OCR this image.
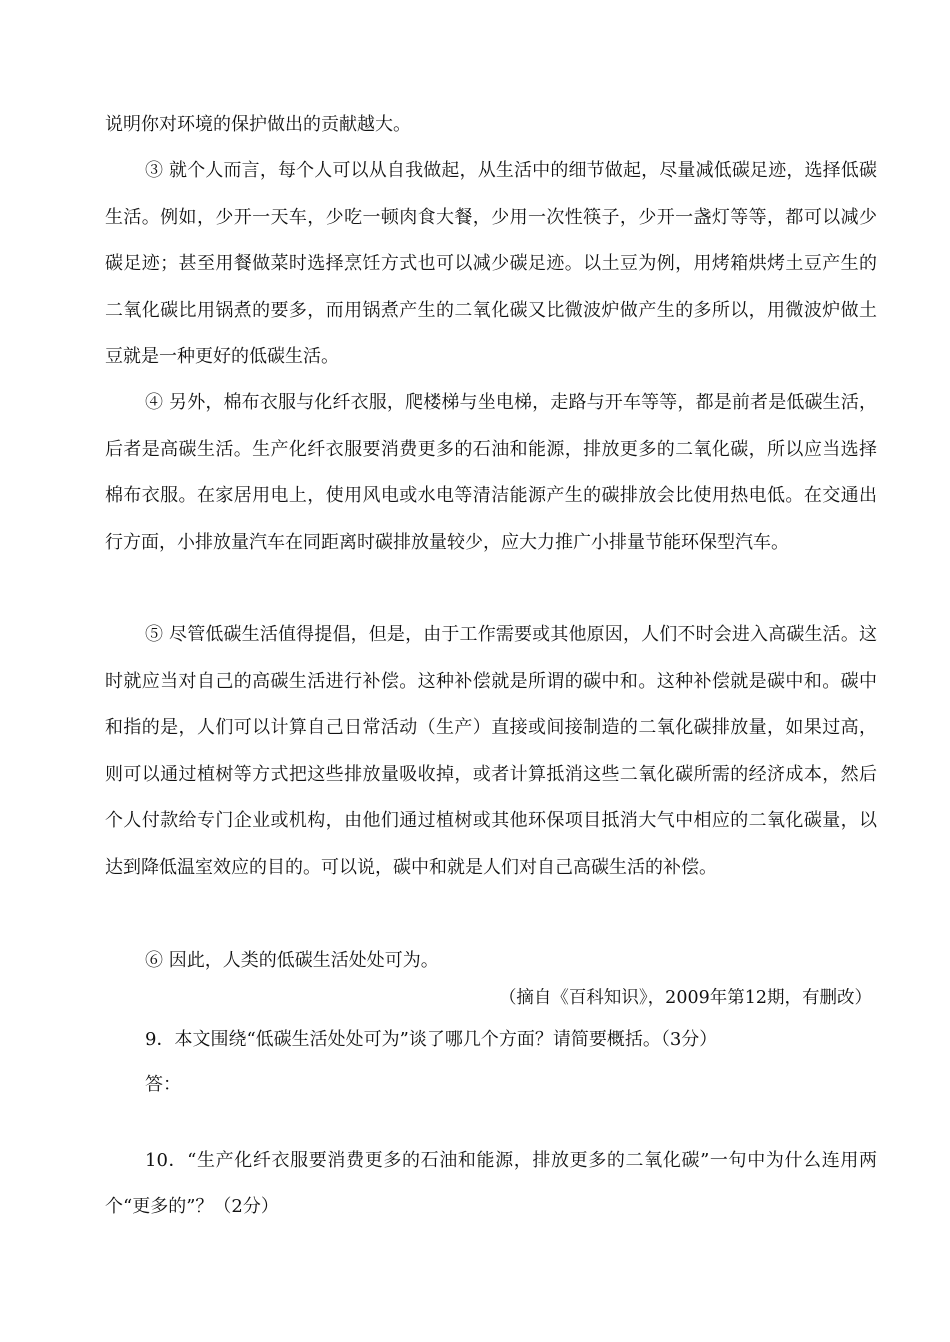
说明你对环境的保护做出的贡献越大。

③ 就个人而言，每个人可以从自我做起，从生活中的细节做起，尽量减低碳足迹，选择低碳生活。例如，少开一天车，少吃一顿肉食大餐，少用一次性筷子，少开一盏灯等等，都可以减少碳足迹；甚至用餐做菜时选择烹饪方式也可以减少碳足迹。以土豆为例，用烤箱烘烤土豆产生的二氧化碳比用锅煮的要多，而用锅煮产生的二氧化碳又比微波炉做产生的多所以，用微波炉做土豆就是一种更好的低碳生活。

④ 另外，棉布衣服与化纤衣服，爬楼梯与坐电梯，走路与开车等等，都是前者是低碳生活，后者是高碳生活。生产化纤衣服要消费更多的石油和能源，排放更多的二氧化碳，所以应当选择棉布衣服。在家居用电上，使用风电或水电等清洁能源产生的碳排放会比使用热电低。在交通出行方面，小排放量汽车在同距离时碳排放量较少，应大力推广小排量节能环保型汽车。

⑤ 尽管低碳生活值得提倡，但是，由于工作需要或其他原因，人们不时会进入高碳生活。这时就应当对自己的高碳生活进行补偿。这种补偿就是所谓的碳中和。这种补偿就是碳中和。碳中和指的是，人们可以计算自己日常活动（生产）直接或间接制造的二氧化碳排放量，如果过高，则可以通过植树等方式把这些排放量吸收掉，或者计算抵消这些二氧化碳所需的经济成本，然后个人付款给专门企业或机构，由他们通过植树或其他环保项目抵消大气中相应的二氧化碳量，以达到降低温室效应的目的。可以说，碳中和就是人们对自己高碳生活的补偿。

⑥ 因此，人类的低碳生活处处可为。

（摘自《百科知识》，2009年第12期，有删改）

9．本文围绕“低碳生活处处可为”谈了哪几个方面？请简要概括。（3分）

答：

10．“生产化纤衣服要消费更多的石油和能源，排放更多的二氧化碳”一句中为什么连用两个“更多的”？（2分）
